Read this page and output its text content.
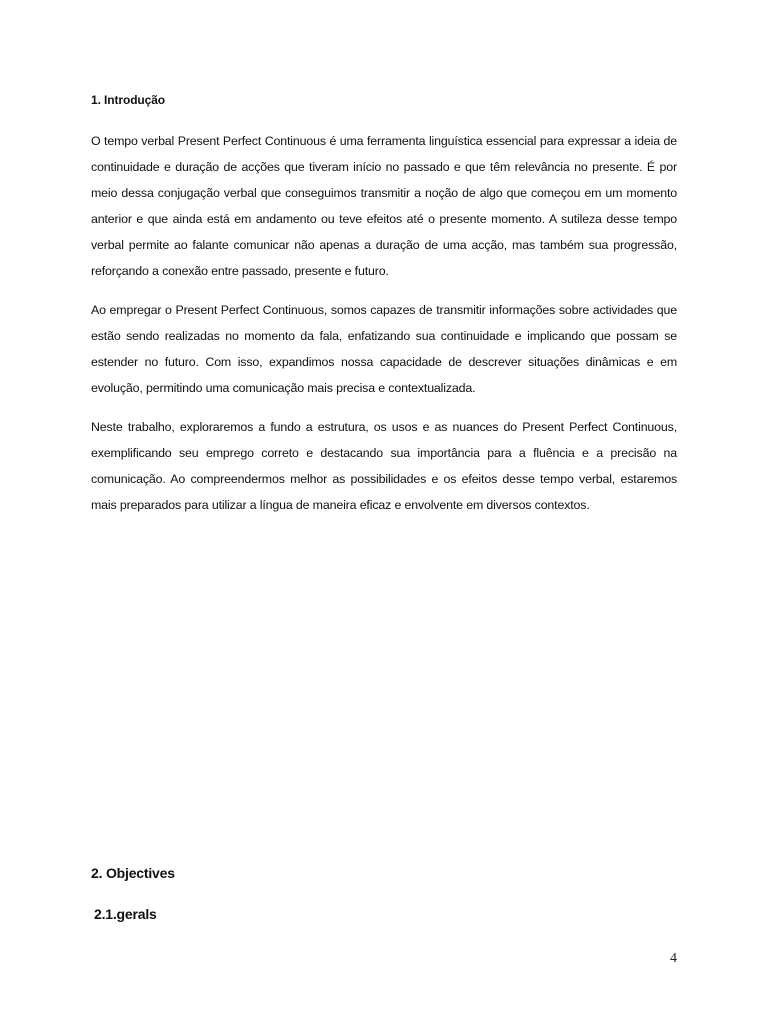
1. Introdução

O tempo verbal Present Perfect Continuous é uma ferramenta linguística essencial para expressar a ideia de continuidade e duração de acções que tiveram início no passado e que têm relevância no presente. É por meio dessa conjugação verbal que conseguimos transmitir a noção de algo que começou em um momento anterior e que ainda está em andamento ou teve efeitos até o presente momento. A sutileza desse tempo verbal permite ao falante comunicar não apenas a duração de uma acção, mas também sua progressão, reforçando a conexão entre passado, presente e futuro.

Ao empregar o Present Perfect Continuous, somos capazes de transmitir informações sobre actividades que estão sendo realizadas no momento da fala, enfatizando sua continuidade e implicando que possam se estender no futuro. Com isso, expandimos nossa capacidade de descrever situações dinâmicas e em evolução, permitindo uma comunicação mais precisa e contextualizada.

Neste trabalho, exploraremos a fundo a estrutura, os usos e as nuances do Present Perfect Continuous, exemplificando seu emprego correto e destacando sua importância para a fluência e a precisão na comunicação. Ao compreendermos melhor as possibilidades e os efeitos desse tempo verbal, estaremos mais preparados para utilizar a língua de maneira eficaz e envolvente em diversos contextos.

2. Objectives
2.1.gerals
4
